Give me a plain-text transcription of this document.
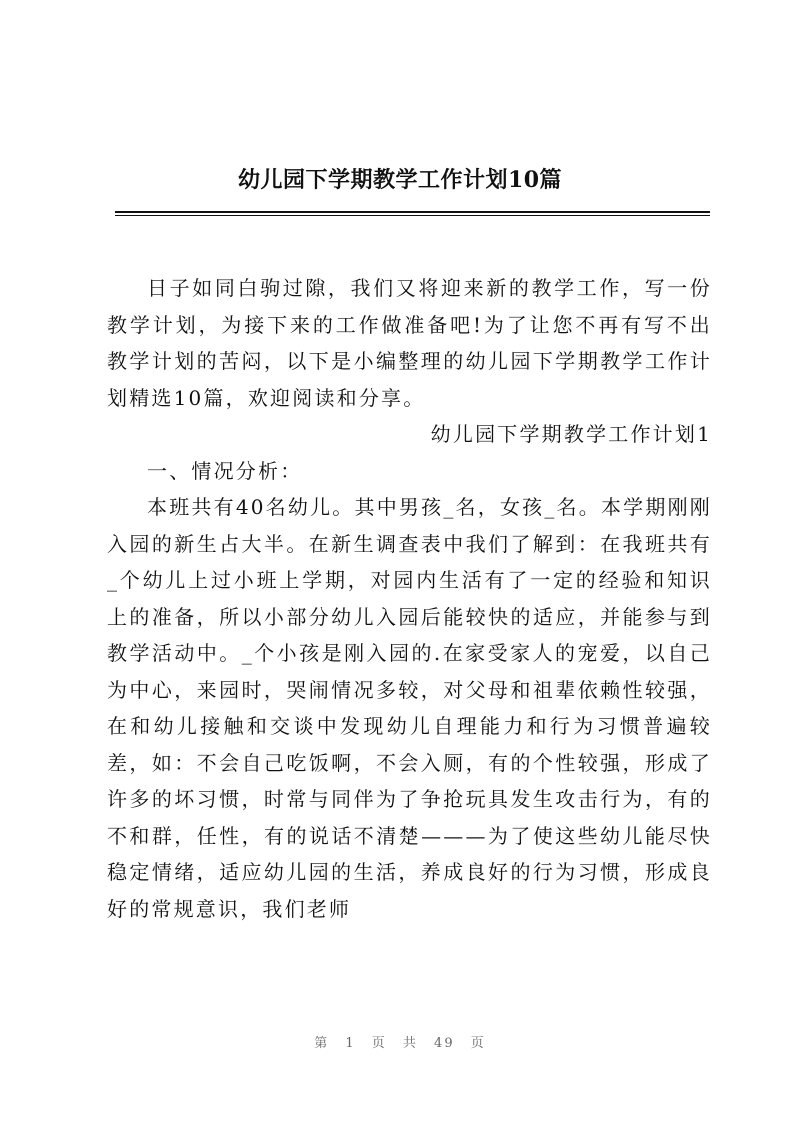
幼儿园下学期教学工作计划10篇

日子如同白驹过隙，我们又将迎来新的教学工作，写一份教学计划，为接下来的工作做准备吧!为了让您不再有写不出教学计划的苦闷，以下是小编整理的幼儿园下学期教学工作计划精选10篇，欢迎阅读和分享。

幼儿园下学期教学工作计划1

一、情况分析：

本班共有40名幼儿。其中男孩_名，女孩_名。本学期刚刚入园的新生占大半。在新生调查表中我们了解到：在我班共有_个幼儿上过小班上学期，对园内生活有了一定的经验和知识上的准备，所以小部分幼儿入园后能较快的适应，并能参与到教学活动中。_个小孩是刚入园的.在家受家人的宠爱，以自己为中心，来园时，哭闹情况多较，对父母和祖辈依赖性较强，在和幼儿接触和交谈中发现幼儿自理能力和行为习惯普遍较差，如：不会自己吃饭啊，不会入厕，有的个性较强，形成了许多的坏习惯，时常与同伴为了争抢玩具发生攻击行为，有的不和群，任性，有的说话不清楚———为了使这些幼儿能尽快稳定情绪，适应幼儿园的生活，养成良好的行为习惯，形成良好的常规意识，我们老师

第 1 页 共 49 页
